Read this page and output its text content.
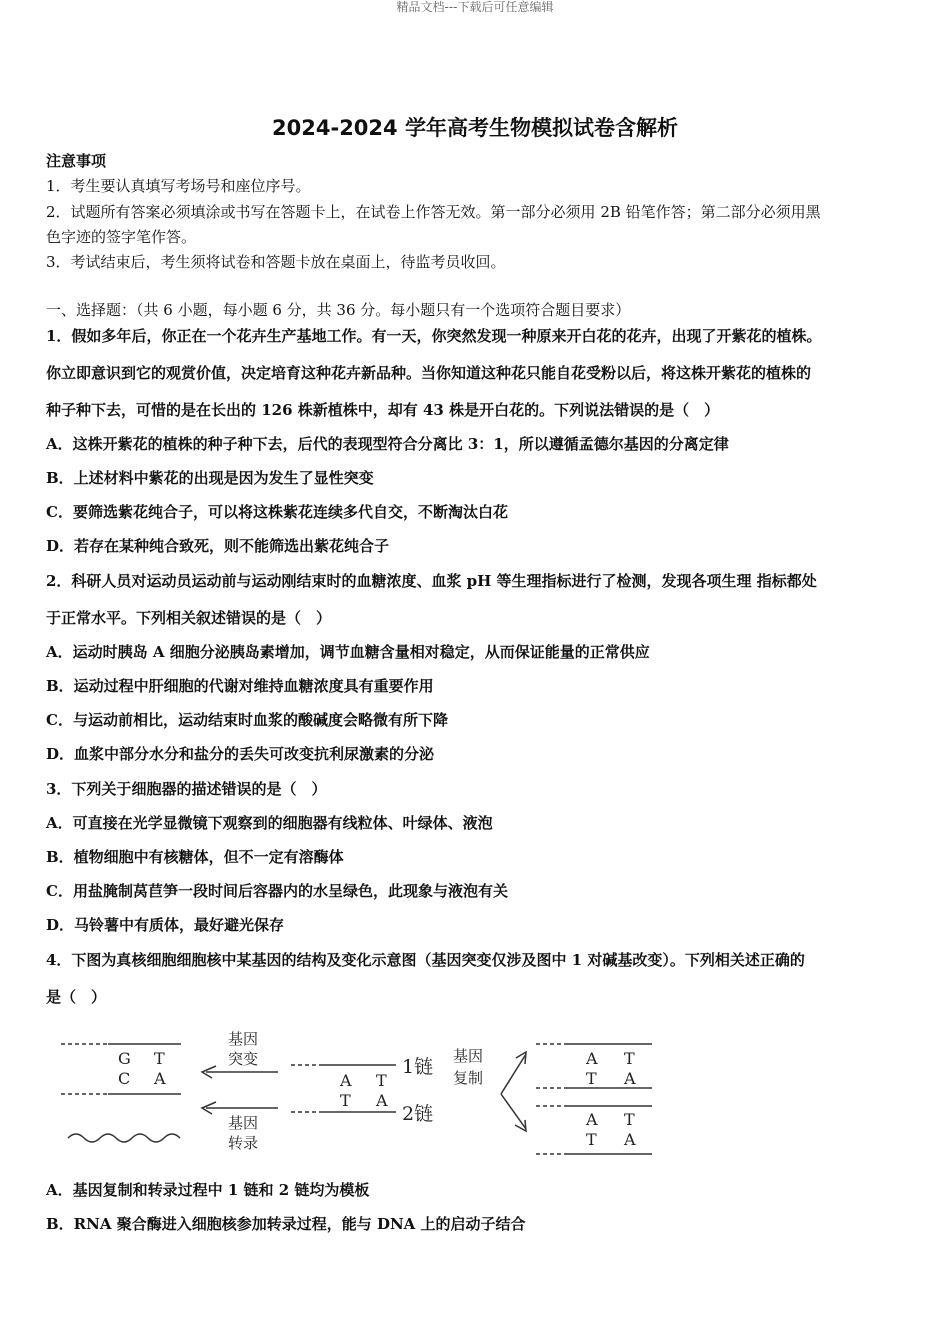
精品文档---下载后可任意编辑
2024-2024 学年高考生物模拟试卷含解析
注意事项
1．考生要认真填写考场号和座位序号。
2．试题所有答案必须填涂或书写在答题卡上，在试卷上作答无效。第一部分必须用 2B 铅笔作答；第二部分必须用黑
色字迹的签字笔作答。
3．考试结束后，考生须将试卷和答题卡放在桌面上，待监考员收回。
一、选择题：（共 6 小题，每小题 6 分，共 36 分。每小题只有一个选项符合题目要求）
1．假如多年后，你正在一个花卉生产基地工作。有一天，你突然发现一种原来开白花的花卉，出现了开紫花的植株。
你立即意识到它的观赏价值，决定培育这种花卉新品种。当你知道这种花只能自花受粉以后，将这株开紫花的植株的
种子种下去，可惜的是在长出的 126 株新植株中，却有 43 株是开白花的。下列说法错误的是（　）
A．这株开紫花的植株的种子种下去，后代的表现型符合分离比 3：1，所以遵循孟德尔基因的分离定律
B．上述材料中紫花的出现是因为发生了显性突变
C．要筛选紫花纯合子，可以将这株紫花连续多代自交，不断淘汰白花
D．若存在某种纯合致死，则不能筛选出紫花纯合子
2．科研人员对运动员运动前与运动刚结束时的血糖浓度、血浆 pH 等生理指标进行了检测，发现各项生理 指标都处
于正常水平。下列相关叙述错误的是（　）
A．运动时胰岛 A 细胞分泌胰岛素增加，调节血糖含量相对稳定，从而保证能量的正常供应
B．运动过程中肝细胞的代谢对维持血糖浓度具有重要作用
C．与运动前相比，运动结束时血浆的酸碱度会略微有所下降
D．血浆中部分水分和盐分的丢失可改变抗利尿激素的分泌
3．下列关于细胞器的描述错误的是（　）
A．可直接在光学显微镜下观察到的细胞器有线粒体、叶绿体、液泡
B．植物细胞中有核糖体，但不一定有溶酶体
C．用盐腌制莴苣笋一段时间后容器内的水呈绿色，此现象与液泡有关
D．马铃薯中有质体，最好避光保存
4．下图为真核细胞细胞核中某基因的结构及变化示意图（基因突变仅涉及图中 1 对碱基改变）。下列相关述正确的
是（　）
G
C
T
A	A
T
T
A
A
T
T
A
A
T
T
A
基因
突变
基因
转录
基因
复制
1链
2链
A．基因复制和转录过程中 1 链和 2 链均为模板
B．RNA 聚合酶进入细胞核参加转录过程，能与 DNA 上的启动子结合
